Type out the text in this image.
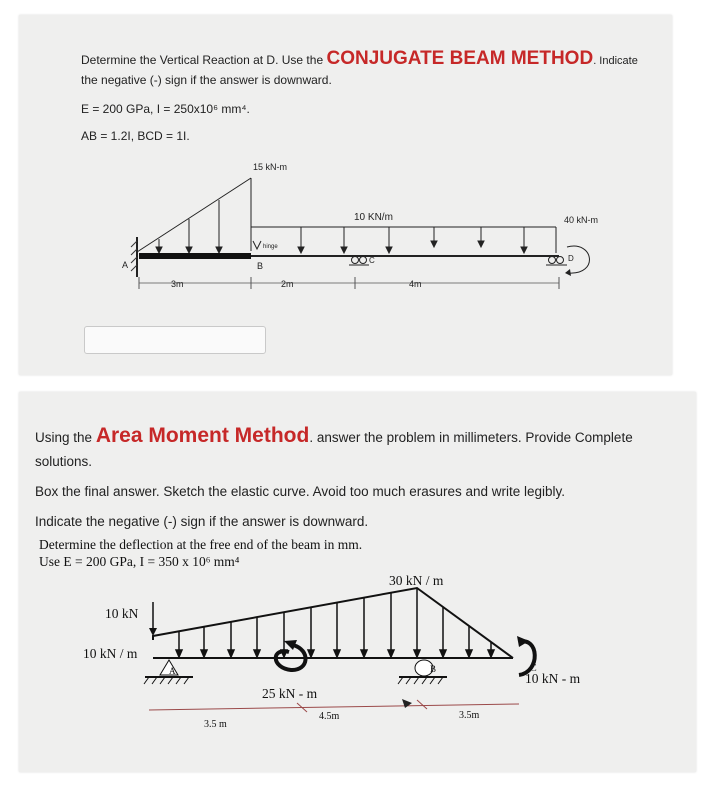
Determine the Vertical Reaction at D. Use the CONJUGATE BEAM METHOD. Indicate
the negative (-) sign if the answer is downward.
E = 200 GPa, I = 250x10⁶ mm⁴.
AB = 1.2I, BCD = 1I.
15 kN-m
10 KN/m	40 kN-m
hinge
A	B
C	D
3m	2m	4m
Using the Area Moment Method. answer the problem in millimeters. Provide Complete
solutions.
Box the final answer. Sketch the elastic curve. Avoid too much erasures and write legibly.
Indicate the negative (-) sign if the answer is downward.
Determine the deflection at the free end of the beam in mm.
Use E = 200 GPa, I = 350 x 10⁶ mm⁴
30 kN / m
10 kN
10 kN / m
25 kN - m
10 kN - m
A	B	C
3.5 m
4.5m	3.5m
